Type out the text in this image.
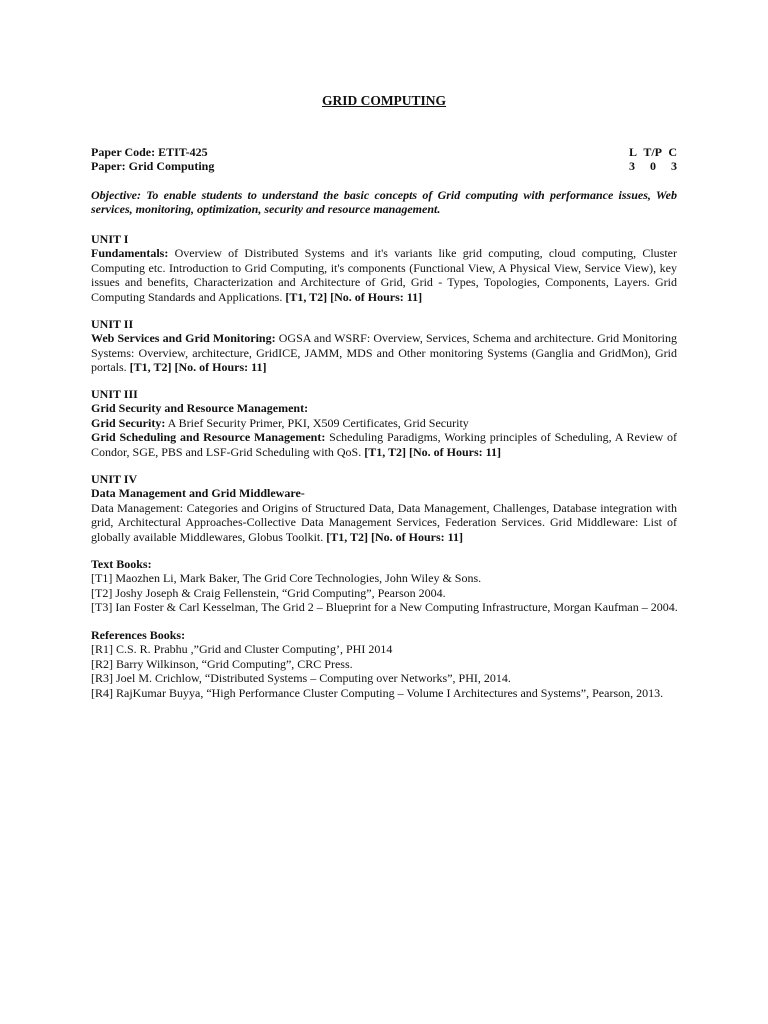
GRID COMPUTING
Paper Code: ETIT-425	L T/P C
Paper: Grid Computing	3 0 3
Objective: To enable students to understand the basic concepts of Grid computing with performance issues, Web services, monitoring, optimization, security and resource management.

UNIT I

Fundamentals: Overview of Distributed Systems and it's variants like grid computing, cloud computing, Cluster Computing etc. Introduction to Grid Computing, it's components (Functional View, A Physical View, Service View), key issues and benefits, Characterization and Architecture of Grid, Grid - Types, Topologies, Components, Layers. Grid Computing Standards and Applications. [T1, T2] [No. of Hours: 11]

UNIT II

Web Services and Grid Monitoring: OGSA and WSRF: Overview, Services, Schema and architecture. Grid Monitoring Systems: Overview, architecture, GridICE, JAMM, MDS and Other monitoring Systems (Ganglia and GridMon), Grid portals. [T1, T2] [No. of Hours: 11]

UNIT III

Grid Security and Resource Management:

Grid Security: A Brief Security Primer, PKI, X509 Certificates, Grid Security

Grid Scheduling and Resource Management: Scheduling Paradigms, Working principles of Scheduling, A Review of Condor, SGE, PBS and LSF-Grid Scheduling with QoS. [T1, T2] [No. of Hours: 11]

UNIT IV

Data Management and Grid Middleware-

Data Management: Categories and Origins of Structured Data, Data Management, Challenges, Database integration with grid, Architectural Approaches-Collective Data Management Services, Federation Services. Grid Middleware: List of globally available Middlewares, Globus Toolkit. [T1, T2] [No. of Hours: 11]

Text Books:

[T1] Maozhen Li, Mark Baker, The Grid Core Technologies, John Wiley & Sons.

[T2] Joshy Joseph & Craig Fellenstein, “Grid Computing”, Pearson 2004.

[T3] Ian Foster & Carl Kesselman, The Grid 2 – Blueprint for a New Computing Infrastructure, Morgan Kaufman – 2004.

References Books:

[R1] C.S. R. Prabhu ,”Grid and Cluster Computing’, PHI 2014

[R2] Barry Wilkinson, “Grid Computing”, CRC Press.

[R3] Joel M. Crichlow, “Distributed Systems – Computing over Networks”, PHI, 2014.

[R4] RajKumar Buyya, “High Performance Cluster Computing – Volume I Architectures and Systems”, Pearson, 2013.
